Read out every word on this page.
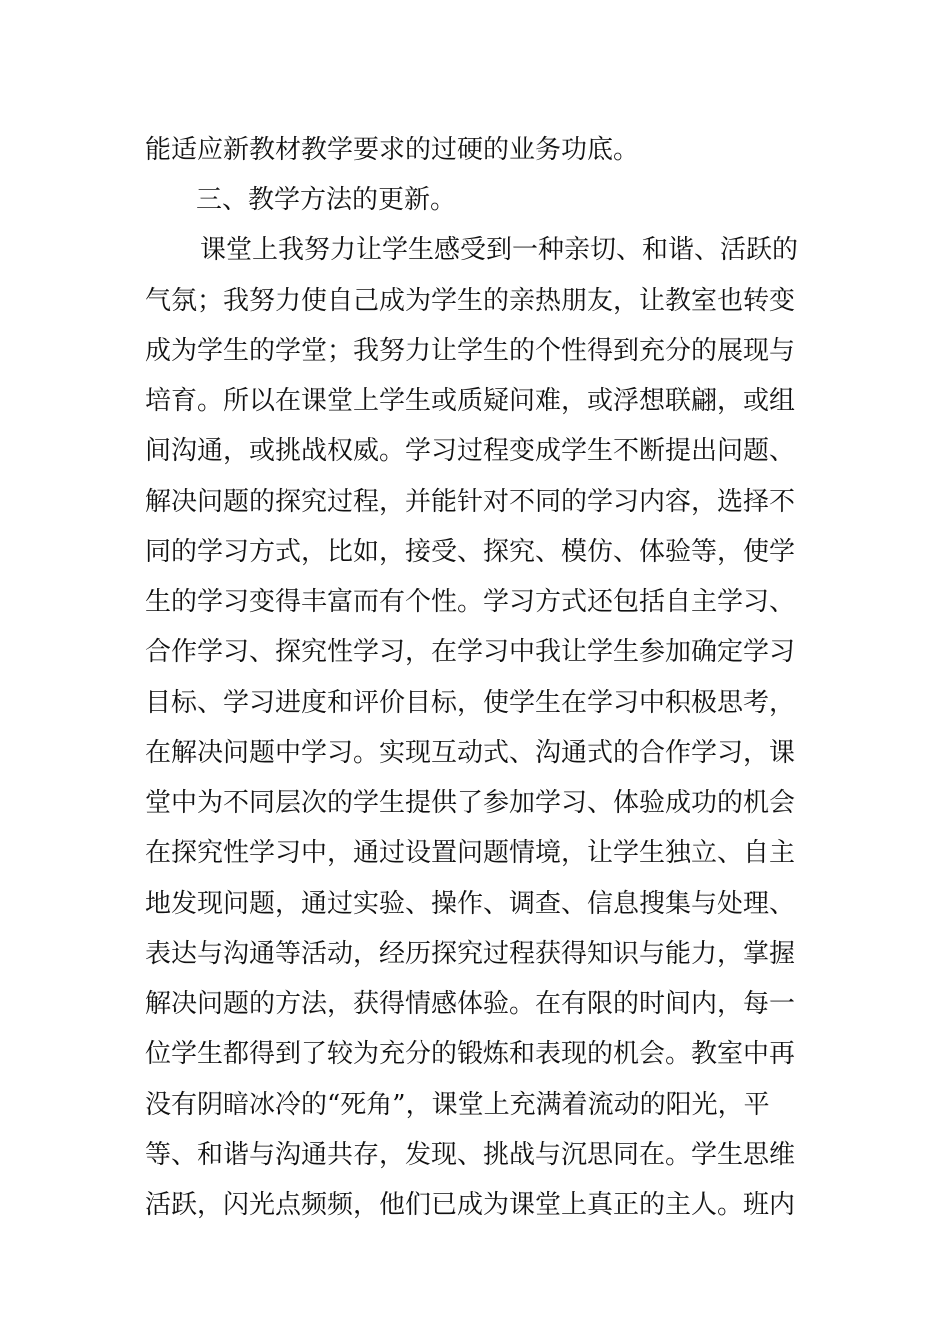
能适应新教材教学要求的过硬的业务功底。
三、教学方法的更新。
课堂上我努力让学生感受到一种亲切、和谐、活跃的
气氛；我努力使自己成为学生的亲热朋友，让教室也转变
成为学生的学堂；我努力让学生的个性得到充分的展现与
培育。所以在课堂上学生或质疑问难，或浮想联翩，或组
间沟通，或挑战权威。学习过程变成学生不断提出问题、
解决问题的探究过程，并能针对不同的学习内容，选择不
同的学习方式，比如，接受、探究、模仿、体验等，使学
生的学习变得丰富而有个性。学习方式还包括自主学习、
合作学习、探究性学习，在学习中我让学生参加确定学习
目标、学习进度和评价目标，使学生在学习中积极思考，
在解决问题中学习。实现互动式、沟通式的合作学习，课
堂中为不同层次的学生提供了参加学习、体验成功的机会
在探究性学习中，通过设置问题情境，让学生独立、自主
地发现问题，通过实验、操作、调查、信息搜集与处理、
表达与沟通等活动，经历探究过程获得知识与能力，掌握
解决问题的方法，获得情感体验。在有限的时间内，每一
位学生都得到了较为充分的锻炼和表现的机会。教室中再
没有阴暗冰冷的“死角”，课堂上充满着流动的阳光，平
等、和谐与沟通共存，发现、挑战与沉思同在。学生思维
活跃，闪光点频频，他们已成为课堂上真正的主人。班内
